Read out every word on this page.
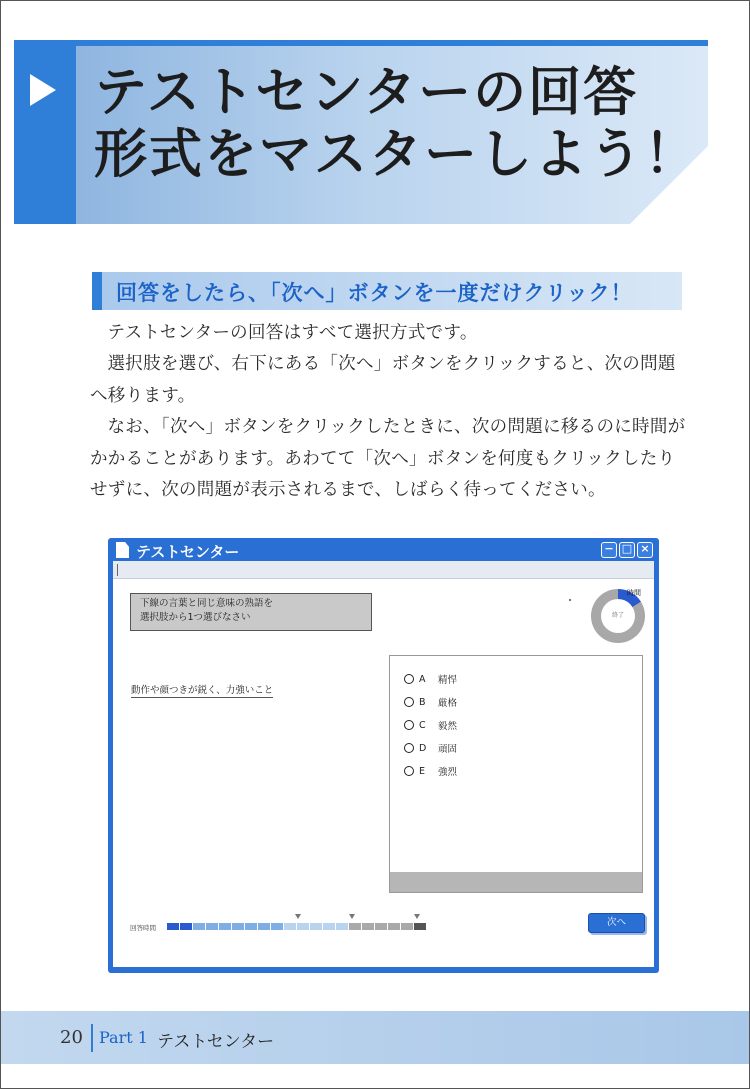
テストセンターの回答
形式をマスターしよう！
回答をしたら、「次へ」ボタンを一度だけクリック！

テストセンターの回答はすべて選択方式です。

選択肢を選び、右下にある「次へ」ボタンをクリックすると、次の問題へ移ります。

なお、「次へ」ボタンをクリックしたときに、次の問題に移るのに時間がかかることがあります。あわてて「次へ」ボタンを何度もクリックしたりせずに、次の問題が表示されるまで、しばらく待ってください。

テストセンター	− □ ×
下線の言葉と同じ意味の熟語を
選択肢から1つ選びなさい
動作や顔つきが鋭く、力強いこと
終了
時間
A	精悍
B	厳格
C	毅然
D	頑固
E	強烈
回答時間	次へ
20 Part 1 テストセンター
